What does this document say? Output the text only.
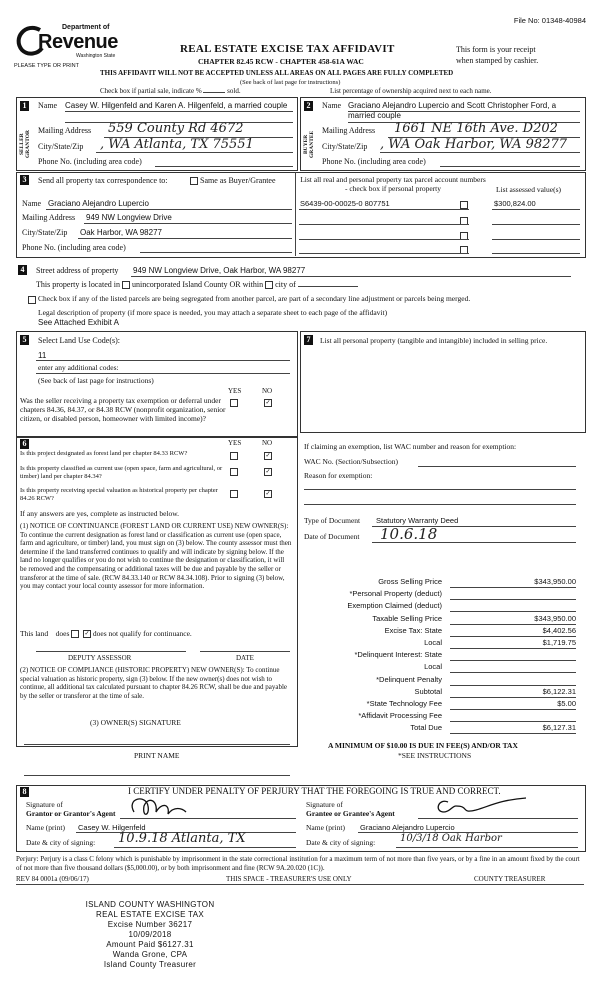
File No: 01348-40984
Department of
Revenue
Washington State
PLEASE TYPE OR PRINT
REAL ESTATE EXCISE TAX AFFIDAVIT
CHAPTER 82.45 RCW - CHAPTER 458-61A WAC
This form is your receipt
when stamped by cashier.
THIS AFFIDAVIT WILL NOT BE ACCEPTED UNLESS ALL AREAS ON ALL PAGES ARE FULLY COMPLETED
(See back of last page for instructions)
Check box if partial sale, indicate %	sold.	List percentage of ownership acquired next to each name.
1
SELLER GRANTOR
Name Casey W. Hilgenfeld and Karen A. Hilgenfeld, a married couple
Mailing Address 559 County Rd 4672
City/State/Zip , WA Atlanta, TX 75551
Phone No. (including area code)
2
BUYER GRANTEE
Name Graciano Alejandro Lupercio and Scott Christopher Ford, a married couple
Mailing Address 1661 NE 16th Ave. D202
City/State/Zip , WA Oak Harbor, WA 98277
Phone No. (including area code)
3	Send all property tax correspondence to:	Same as Buyer/Grantee
Name Graciano Alejandro Lupercio
Mailing Address 949 NW Longview Drive
City/State/Zip Oak Harbor, WA 98277
Phone No. (including area code)
List all real and personal property tax parcel account numbers - check box if personal property	List assessed value(s)
S6439-00-00025-0 807751	$300,824.00
4	Street address of property 949 NW Longview Drive, Oak Harbor, WA 98277
This property is located in unincorporated Island County OR within city of
Check box if any of the listed parcels are being segregated from another parcel, are part of a secondary line adjustment or parcels being merged.
Legal description of property (if more space is needed, you may attach a separate sheet to each page of the affidavit)
See Attached Exhibit A
5	Select Land Use Code(s):
11
enter any additional codes:
(See back of last page for instructions)
YES	NO
Was the seller receiving a property tax exemption or deferral under chapters 84.36, 84.37, or 84.38 RCW (nonprofit organization, senior citizen, or disabled person, homeowner with limited income)?
✓
6	YES	NO
Is this project designated as forest land per chapter 84.33 RCW?	✓
Is this property classified as current use (open space, farm and agricultural, or timber) land per chapter 84.34?
✓
Is this property receiving special valuation as historical property per chapter 84.26 RCW?
✓
If any answers are yes, complete as instructed below.
(1) NOTICE OF CONTINUANCE (FOREST LAND OR CURRENT USE) NEW OWNER(S): To continue the current designation as forest land or classification as current use (open space, farm and agriculture, or timber) land, you must sign on (3) below. The county assessor must then determine if the land transferred continues to qualify and will indicate by signing below. If the land no longer qualifies or you do not wish to continue the designation or classification, it will be removed and the compensating or additional taxes will be due and payable by the seller or transferor at the time of sale. (RCW 84.33.140 or RCW 84.34.108). Prior to signing (3) below, you may contact your local county assessor for more information.
This land does	✓ does not qualify for continuance.
DEPUTY ASSESSOR	DATE
(2) NOTICE OF COMPLIANCE (HISTORIC PROPERTY) NEW OWNER(S): To continue special valuation as historic property, sign (3) below. If the new owner(s) does not wish to continue, all additional tax calculated pursuant to chapter 84.26 RCW, shall be due and payable by the seller or transferor at the time of sale.
(3) OWNER(S) SIGNATURE
PRINT NAME
7	List all personal property (tangible and intangible) included in selling price.
If claiming an exemption, list WAC number and reason for exemption:
WAC No. (Section/Subsection)
Reason for exemption:
Type of Document Statutory Warranty Deed
Date of Document 10.6.18
Gross Selling Price	$343,950.00
*Personal Property (deduct)
Exemption Claimed (deduct)
Taxable Selling Price	$343,950.00
Excise Tax: State	$4,402.56
Local	$1,719.75
*Delinquent Interest: State
Local
*Delinquent Penalty
Subtotal	$6,122.31
*State Technology Fee	$5.00
*Affidavit Processing Fee
Total Due	$6,127.31
A MINIMUM OF $10.00 IS DUE IN FEE(S) AND/OR TAX
*SEE INSTRUCTIONS
8	I CERTIFY UNDER PENALTY OF PERJURY THAT THE FOREGOING IS TRUE AND CORRECT.
Signature of
Grantor or Grantor's Agent
Name (print) Casey W. Hilgenfeld
Date & city of signing: 10.9.18 Atlanta, TX
Signature of
Grantee or Grantee's Agent
Name (print) Graciano Alejandro Lupercio
Date & city of signing: 10/3/18 Oak Harbor
Perjury: Perjury is a class C felony which is punishable by imprisonment in the state correctional institution for a maximum term of not more than five years, or by a fine in an amount fixed by the court of not more than five thousand dollars ($5,000.00), or by both imprisonment and fine (RCW 9A.20.020 (1C)).
REV 84 0001a (09/06/17)	THIS SPACE - TREASURER'S USE ONLY	COUNTY TREASURER
ISLAND COUNTY WASHINGTON
REAL ESTATE EXCISE TAX
Excise Number 36217
10/09/2018
Amount Paid $6127.31
Wanda Grone, CPA
Island County Treasurer
